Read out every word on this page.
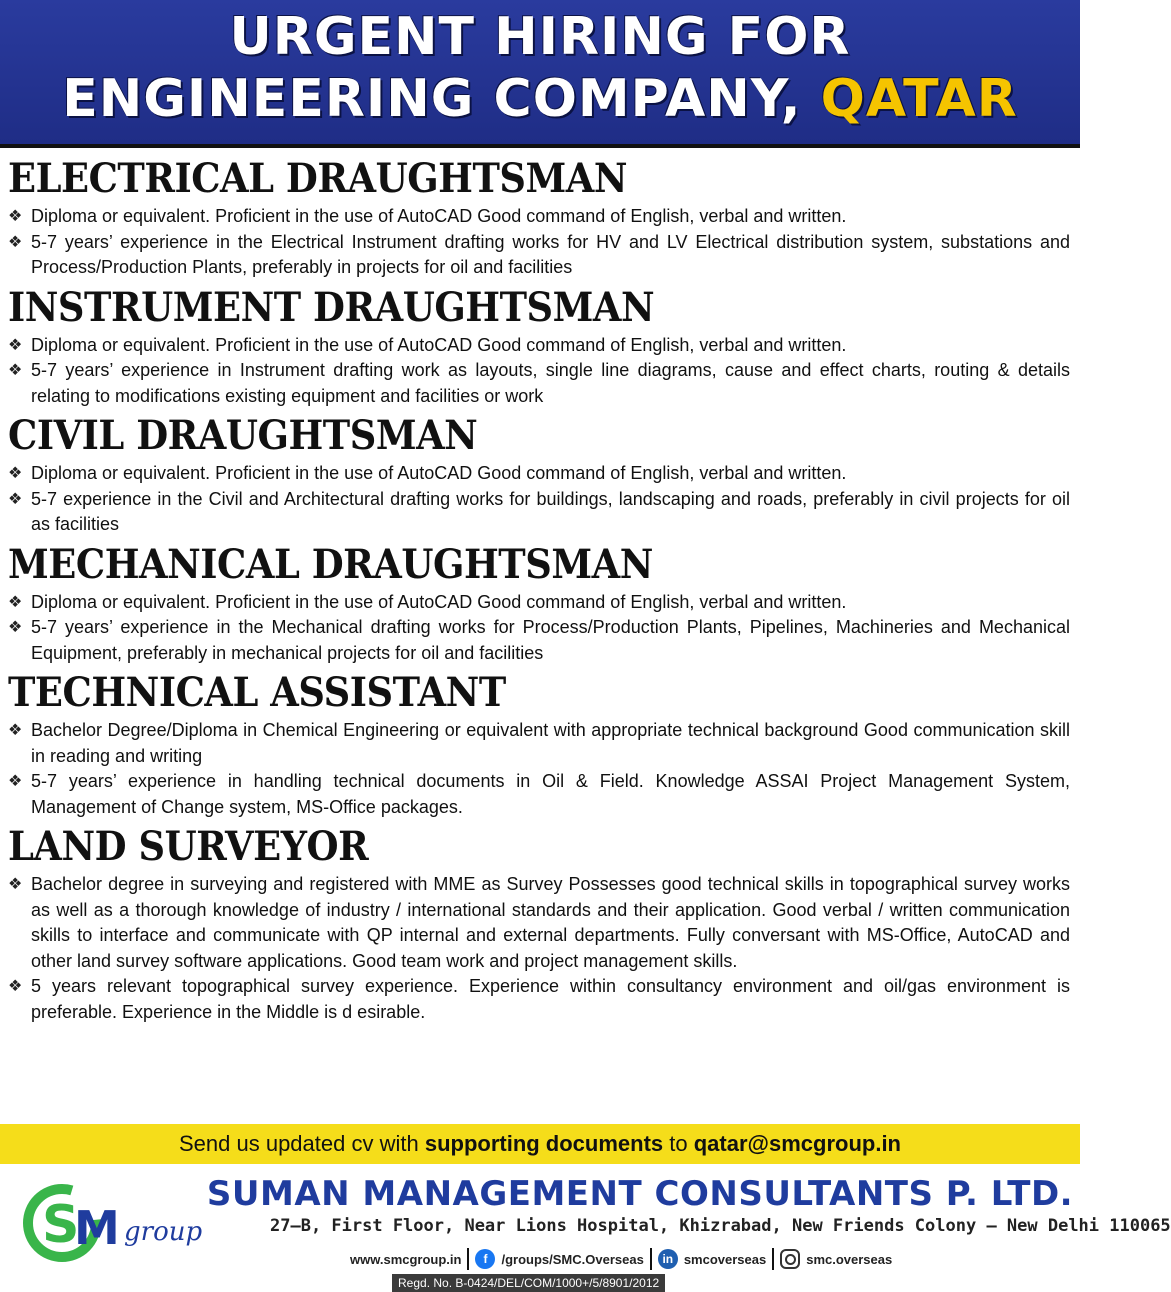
URGENT HIRING FOR
ENGINEERING COMPANY, QATAR
ELECTRICAL DRAUGHTSMAN
❖ Diploma or equivalent. Proficient in the use of AutoCAD Good command of English, verbal and written.
❖ 5-7 years’ experience in the Electrical Instrument drafting works for HV and LV Electrical distribution system, substations and Process/Production Plants, preferably in projects for oil and facilities
INSTRUMENT DRAUGHTSMAN
❖ Diploma or equivalent. Proficient in the use of AutoCAD Good command of English, verbal and written.
❖ 5-7 years’ experience in Instrument drafting work as layouts, single line diagrams, cause and effect charts, routing & details relating to modifications existing equipment and facilities or work
CIVIL DRAUGHTSMAN
❖ Diploma or equivalent. Proficient in the use of AutoCAD Good command of English, verbal and written.
❖ 5-7 experience in the Civil and Architectural drafting works for buildings, landscaping and roads, preferably in civil projects for oil as facilities
MECHANICAL DRAUGHTSMAN
❖ Diploma or equivalent. Proficient in the use of AutoCAD Good command of English, verbal and written.
❖ 5-7 years’ experience in the Mechanical drafting works for Process/Production Plants, Pipelines, Machineries and Mechanical Equipment, preferably in mechanical projects for oil and facilities
TECHNICAL ASSISTANT
❖ Bachelor Degree/Diploma in Chemical Engineering or equivalent with appropriate technical background Good communication skill in reading and writing
❖ 5-7 years’ experience in handling technical documents in Oil & Field. Knowledge ASSAI Project Management System, Management of Change system, MS-Office packages.
LAND SURVEYOR
❖ Bachelor degree in surveying and registered with MME as Survey Possesses good technical skills in topographical survey works as well as a thorough knowledge of industry / international standards and their application. Good verbal / written communication skills to interface and communicate with QP internal and external departments. Fully conversant with MS-Office, AutoCAD and other land survey software applications. Good team work and project management skills.
❖ 5 years relevant topographical survey experience. Experience within consultancy environment and oil/gas environment is preferable. Experience in the Middle is d esirable.
Send us updated cv with supporting documents to qatar@smcgroup.in
S
M group
SUMAN MANAGEMENT CONSULTANTS P. LTD.
27–B, First Floor, Near Lions Hospital, Khizrabad, New Friends Colony – New Delhi 110065
www.smcgroup.in	f	/groups/SMC.Overseas	in smcoverseas	smc.overseas
Regd. No. B-0424/DEL/COM/1000+/5/8901/2012
